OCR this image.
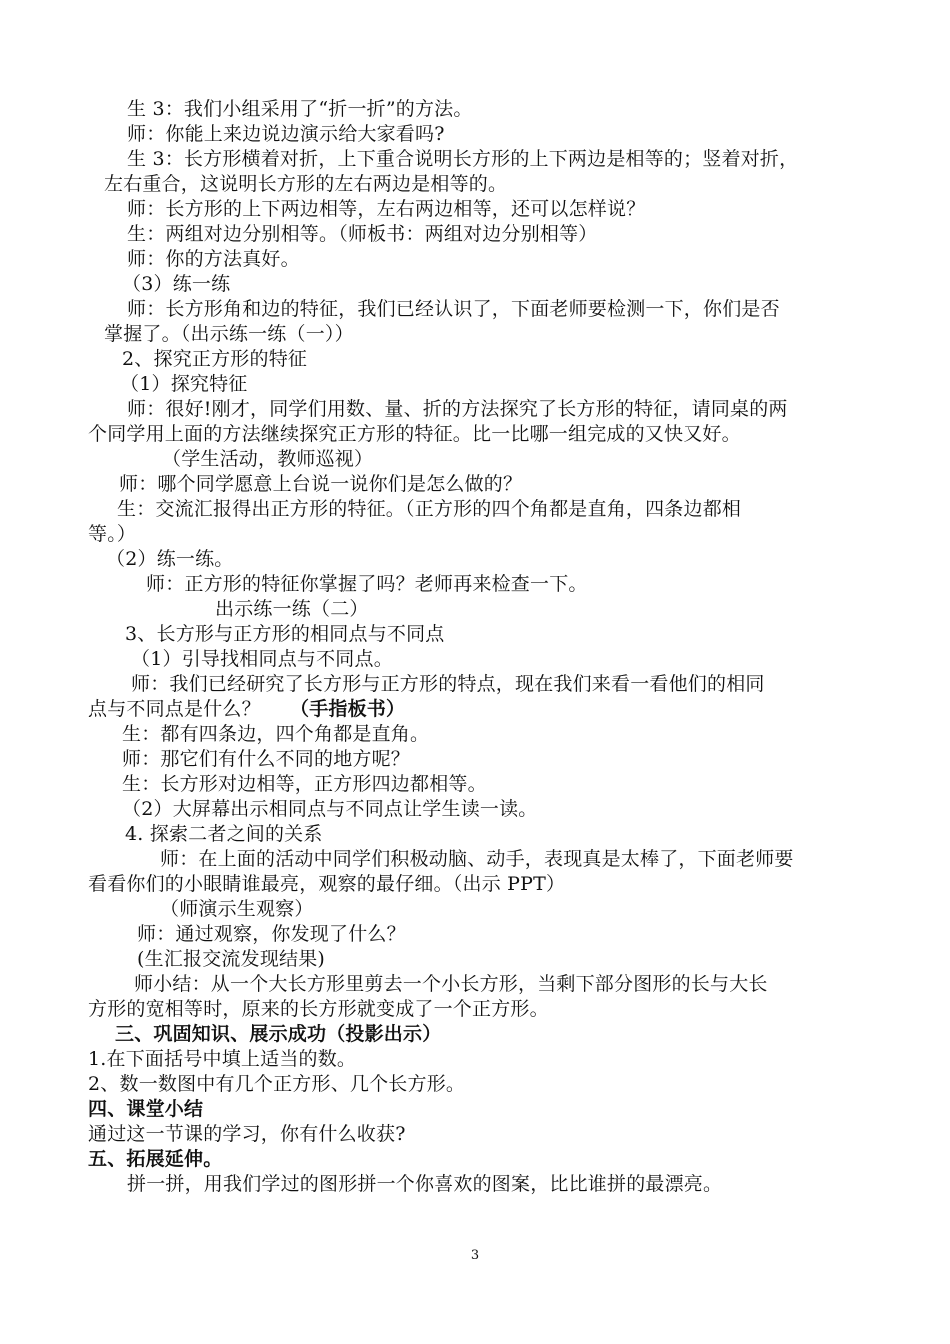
生 3：我们小组采用了“折一折”的方法。
师：你能上来边说边演示给大家看吗?
生 3：长方形横着对折，上下重合说明长方形的上下两边是相等的；竖着对折，
左右重合，这说明长方形的左右两边是相等的。
师：长方形的上下两边相等，左右两边相等，还可以怎样说？
生：两组对边分别相等。（师板书：两组对边分别相等）
师：你的方法真好。
（3）练一练
师：长方形角和边的特征，我们已经认识了，下面老师要检测一下，你们是否
掌握了。（出示练一练（一））
2、探究正方形的特征
（1）探究特征
师：很好!刚才，同学们用数、量、折的方法探究了长方形的特征，请同桌的两
个同学用上面的方法继续探究正方形的特征。比一比哪一组完成的又快又好。
（学生活动，教师巡视）
师：哪个同学愿意上台说一说你们是怎么做的？
生：交流汇报得出正方形的特征。（正方形的四个角都是直角，四条边都相
等。）
（2）练一练。
师：正方形的特征你掌握了吗？老师再来检查一下。
出示练一练（二）
3、长方形与正方形的相同点与不同点
（1）引导找相同点与不同点。
师：我们已经研究了长方形与正方形的特点，现在我们来看一看他们的相同
点与不同点是什么？ （手指板书）
生：都有四条边，四个角都是直角。
师：那它们有什么不同的地方呢？
生：长方形对边相等，正方形四边都相等。
（2）大屏幕出示相同点与不同点让学生读一读。
4. 探索二者之间的关系
师：在上面的活动中同学们积极动脑、动手，表现真是太棒了，下面老师要
看看你们的小眼睛谁最亮，观察的最仔细。（出示 PPT）
（师演示生观察）
师：通过观察，你发现了什么？
(生汇报交流发现结果)
师小结：从一个大长方形里剪去一个小长方形，当剩下部分图形的长与大长
方形的宽相等时，原来的长方形就变成了一个正方形。
三、巩固知识、展示成功（投影出示）
1.在下面括号中填上适当的数。
2、数一数图中有几个正方形、几个长方形。
四、课堂小结
通过这一节课的学习，你有什么收获?
五、拓展延伸。
拼一拼，用我们学过的图形拼一个你喜欢的图案，比比谁拼的最漂亮。
3
